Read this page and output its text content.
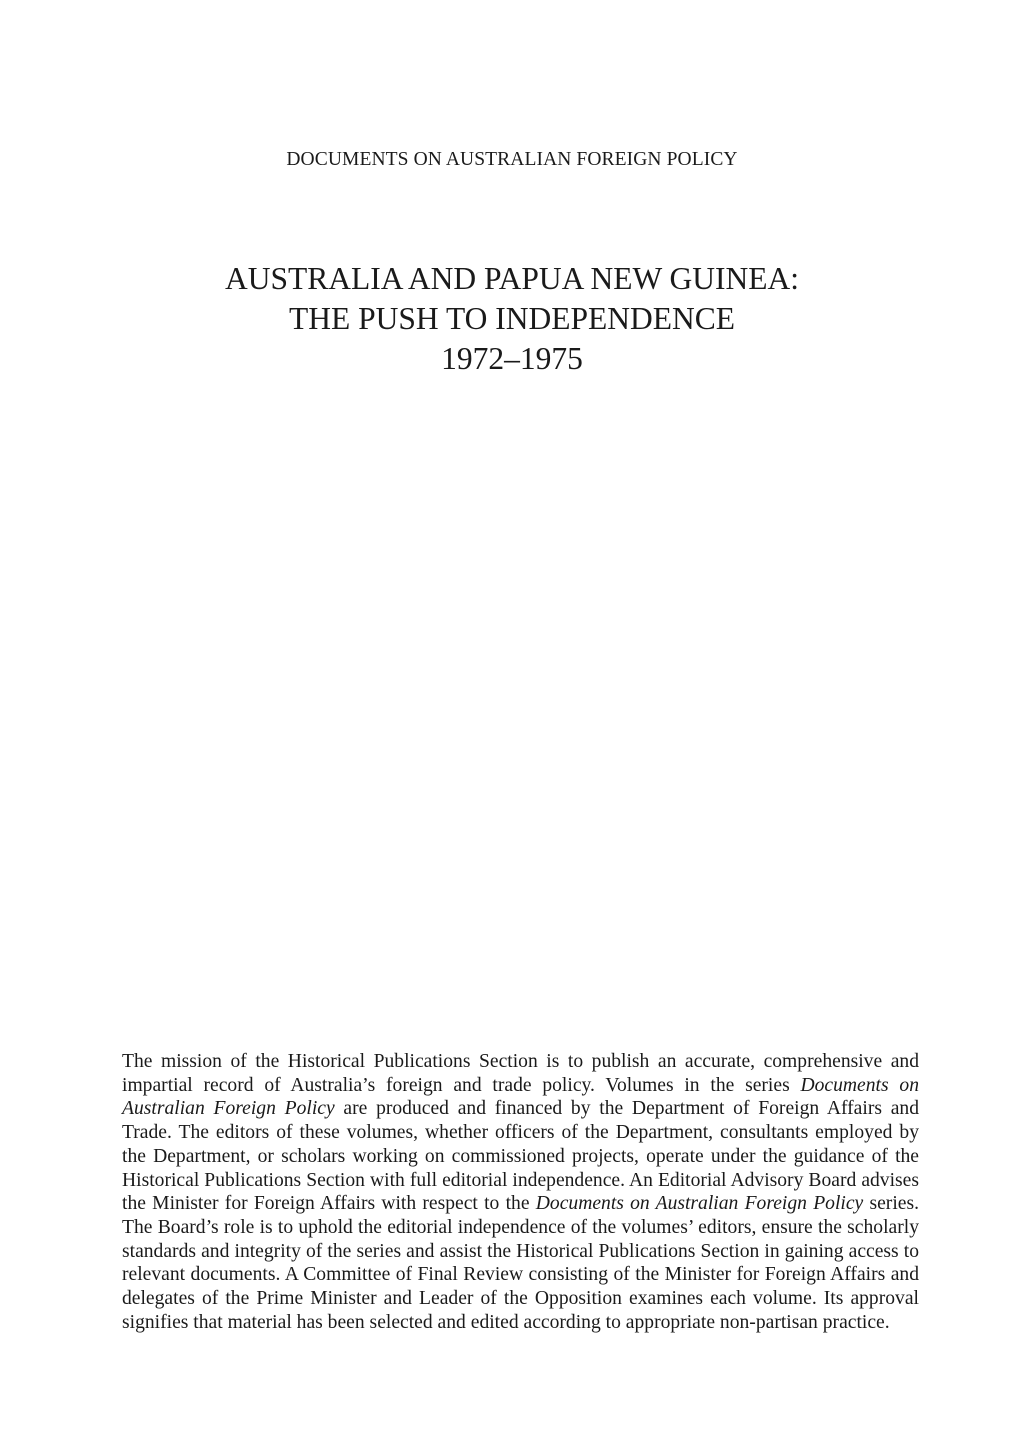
DOCUMENTS ON AUSTRALIAN FOREIGN POLICY
AUSTRALIA AND PAPUA NEW GUINEA:
THE PUSH TO INDEPENDENCE
1972–1975

The mission of the Historical Publications Section is to publish an accurate, comprehensive and impartial record of Australia’s foreign and trade policy. Volumes in the series Documents on Australian Foreign Policy are produced and financed by the Department of Foreign Affairs and Trade. The editors of these volumes, whether officers of the Department, consultants employed by the Department, or scholars working on commissioned projects, operate under the guidance of the Historical Publications Section with full editorial independence. An Editorial Advisory Board advises the Minister for Foreign Affairs with respect to the Documents on Australian Foreign Policy series. The Board’s role is to uphold the editorial independence of the volumes’ editors, ensure the scholarly standards and integrity of the series and assist the Historical Publications Section in gaining access to relevant documents. A Committee of Final Review consisting of the Minister for Foreign Affairs and delegates of the Prime Minister and Leader of the Opposition examines each volume. Its approval signifies that material has been selected and edited according to appropriate non-partisan practice.
